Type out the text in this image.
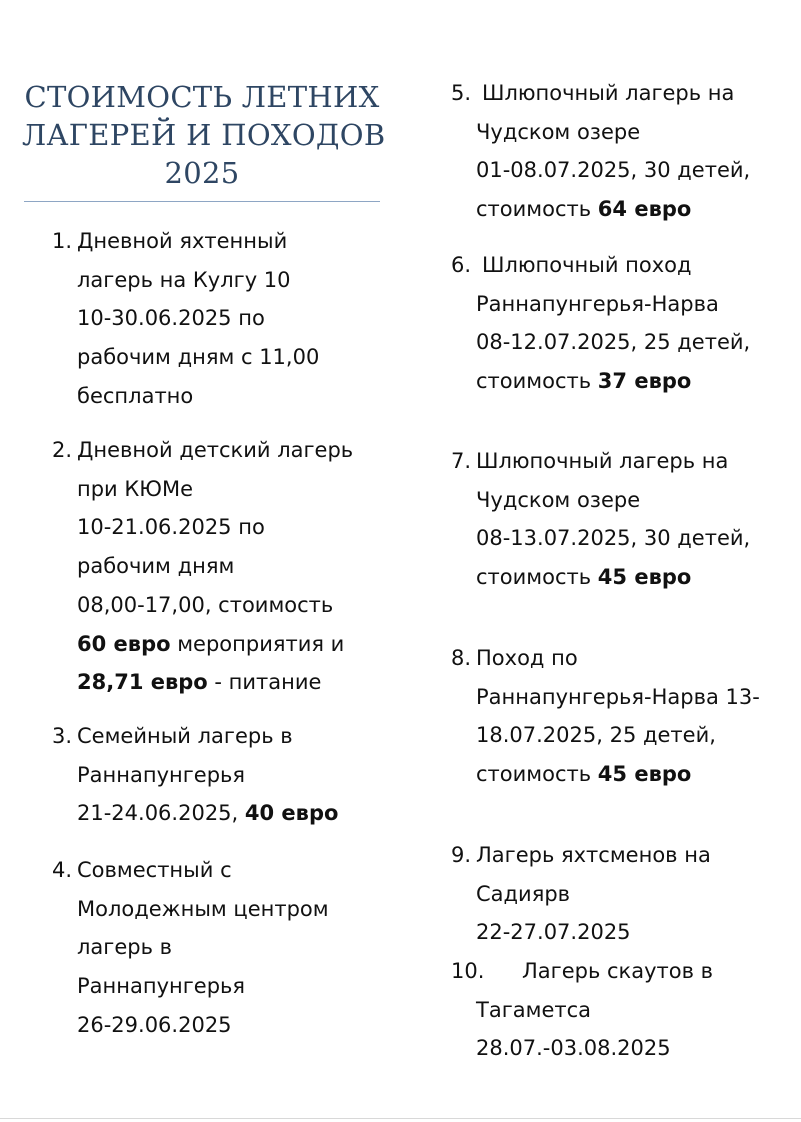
СТОИМОСТЬ ЛЕТНИХ
ЛАГЕРЕЙ И ПОХОДОВ
2025
1. Дневной яхтенный
лагерь на Кулгу 10
10-30.06.2025 по
рабочим дням с 11,00
бесплатно
2. Дневной детский лагерь
при КЮМе
10-21.06.2025 по
рабочим дням
08,00-17,00, стоимость
60 евро мероприятия и
28,71 евро - питание
3. Семейный лагерь в
Раннапунгерья
21-24.06.2025, 40 евро
4. Совместный с
Молодежным центром
лагерь в
Раннапунгерья
26-29.06.2025
5. Шлюпочный лагерь на
Чудском озере
01-08.07.2025, 30 детей,
стоимость 64 евро
6. Шлюпочный поход
Раннапунгерья-Нарва
08-12.07.2025, 25 детей,
стоимость 37 евро
7. Шлюпочный лагерь на
Чудском озере
08-13.07.2025, 30 детей,
стоимость 45 евро
8. Поход по
Раннапунгерья-Нарва 13-
18.07.2025, 25 детей,
стоимость 45 евро
9. Лагерь яхтсменов на
Садиярв
22-27.07.2025
10.	Лагерь скаутов в
Тагаметса
28.07.-03.08.2025
